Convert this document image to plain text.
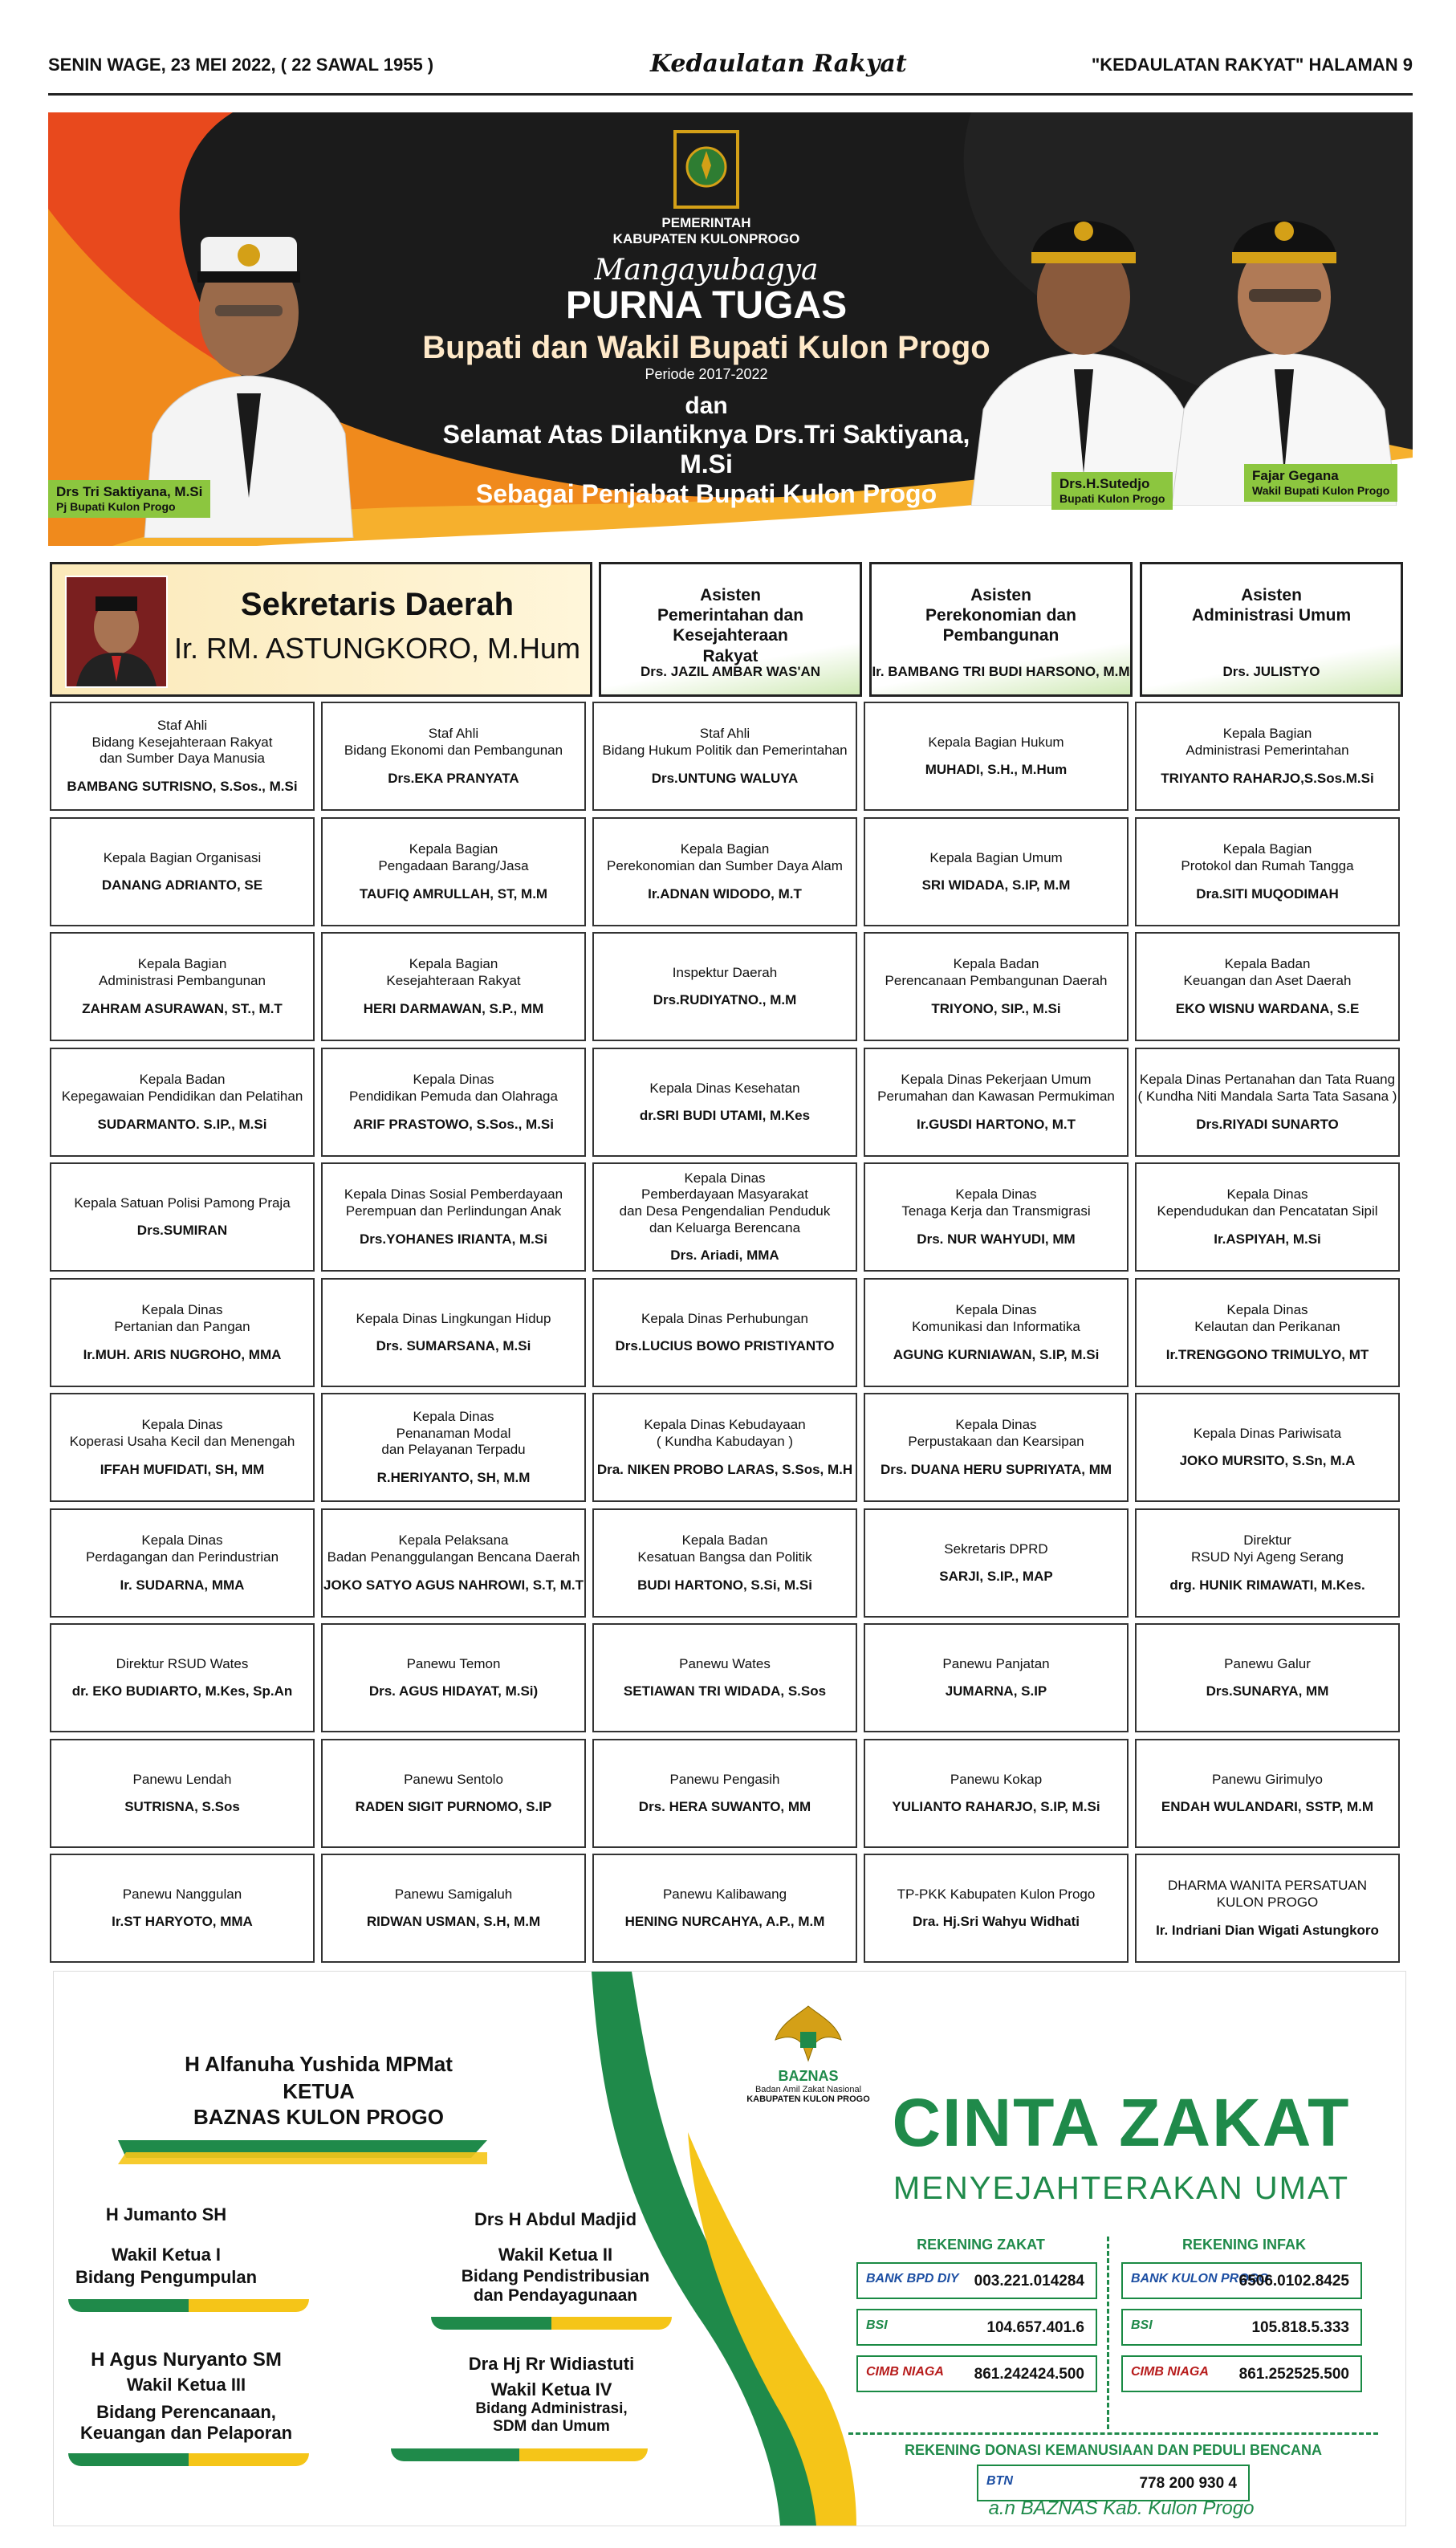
SENIN WAGE, 23 MEI 2022, ( 22 SAWAL 1955 )	Kedaulatan Rakyat	"KEDAULATAN RAKYAT" HALAMAN 9
Drs Tri Saktiyana, M.Si
Pj Bupati Kulon Progo
PEMERINTAH
KABUPATEN KULONPROGO
Mangayubagya
PURNA TUGAS
Bupati dan Wakil Bupati Kulon Progo
Periode 2017-2022
dan
Selamat Atas Dilantiknya Drs.Tri Saktiyana, M.Si
Sebagai Penjabat Bupati Kulon Progo	Drs.H.Sutedjo
Bupati Kulon Progo
Fajar Gegana
Wakil Bupati Kulon Progo
Sekretaris Daerah
Ir. RM. ASTUNGKORO, M.Hum
Asisten
Pemerintahan dan Kesejahteraan
Rakyat
Drs. JAZIL AMBAR WAS'AN
Asisten
Perekonomian dan Pembangunan
Ir. BAMBANG TRI BUDI HARSONO, M.M
Asisten
Administrasi Umum
Drs. JULISTYO
Staf Ahli
Bidang Kesejahteraan Rakyat
dan Sumber Daya Manusia
BAMBANG SUTRISNO, S.Sos., M.Si
Staf Ahli
Bidang Ekonomi dan Pembangunan
Drs.EKA PRANYATA
Staf Ahli
Bidang Hukum Politik dan Pemerintahan
Drs.UNTUNG WALUYA
Kepala Bagian Hukum
MUHADI, S.H., M.Hum
Kepala Bagian
Administrasi Pemerintahan
TRIYANTO RAHARJO,S.Sos.M.Si
Kepala Bagian Organisasi
DANANG ADRIANTO, SE
Kepala Bagian
Pengadaan Barang/Jasa
TAUFIQ AMRULLAH, ST, M.M
Kepala Bagian
Perekonomian dan Sumber Daya Alam
Ir.ADNAN WIDODO, M.T
Kepala Bagian Umum
SRI WIDADA, S.IP, M.M
Kepala Bagian
Protokol dan Rumah Tangga
Dra.SITI MUQODIMAH
Kepala Bagian
Administrasi Pembangunan
ZAHRAM ASURAWAN, ST., M.T
Kepala Bagian
Kesejahteraan Rakyat
HERI DARMAWAN, S.P., MM
Inspektur Daerah
Drs.RUDIYATNO., M.M
Kepala Badan
Perencanaan Pembangunan Daerah
TRIYONO, SIP., M.Si
Kepala Badan
Keuangan dan Aset Daerah
EKO WISNU WARDANA, S.E
Kepala Badan
Kepegawaian Pendidikan dan Pelatihan
SUDARMANTO. S.IP., M.Si
Kepala Dinas
Pendidikan Pemuda dan Olahraga
ARIF PRASTOWO, S.Sos., M.Si
Kepala Dinas Kesehatan
dr.SRI BUDI UTAMI, M.Kes
Kepala Dinas Pekerjaan Umum
Perumahan dan Kawasan Permukiman
Ir.GUSDI HARTONO, M.T
Kepala Dinas Pertanahan dan Tata Ruang
( Kundha Niti Mandala Sarta Tata Sasana )
Drs.RIYADI SUNARTO
Kepala Satuan Polisi Pamong Praja
Drs.SUMIRAN
Kepala Dinas Sosial Pemberdayaan
Perempuan dan Perlindungan Anak
Drs.YOHANES IRIANTA, M.Si
Kepala Dinas
Pemberdayaan Masyarakat
dan Desa Pengendalian Penduduk
dan Keluarga Berencana
Drs. Ariadi, MMA
Kepala Dinas
Tenaga Kerja dan Transmigrasi
Drs. NUR WAHYUDI, MM
Kepala Dinas
Kependudukan dan Pencatatan Sipil
Ir.ASPIYAH, M.Si
Kepala Dinas
Pertanian dan Pangan
Ir.MUH. ARIS NUGROHO, MMA
Kepala Dinas Lingkungan Hidup
Drs. SUMARSANA, M.Si
Kepala Dinas Perhubungan
Drs.LUCIUS BOWO PRISTIYANTO
Kepala Dinas
Komunikasi dan Informatika
AGUNG KURNIAWAN, S.IP, M.Si
Kepala Dinas
Kelautan dan Perikanan
Ir.TRENGGONO TRIMULYO, MT
Kepala Dinas
Koperasi Usaha Kecil dan Menengah
IFFAH MUFIDATI, SH, MM
Kepala Dinas
Penanaman Modal
dan Pelayanan Terpadu
R.HERIYANTO, SH, M.M
Kepala Dinas Kebudayaan
( Kundha Kabudayan )
Dra. NIKEN PROBO LARAS, S.Sos, M.H
Kepala Dinas
Perpustakaan dan Kearsipan
Drs. DUANA HERU SUPRIYATA, MM
Kepala Dinas Pariwisata
JOKO MURSITO, S.Sn, M.A
Kepala Dinas
Perdagangan dan Perindustrian
Ir. SUDARNA, MMA
Kepala Pelaksana
Badan Penanggulangan Bencana Daerah
JOKO SATYO AGUS NAHROWI, S.T, M.T
Kepala Badan
Kesatuan Bangsa dan Politik
BUDI HARTONO, S.Si, M.Si
Sekretaris DPRD
SARJI, S.IP., MAP
Direktur
RSUD Nyi Ageng Serang
drg. HUNIK RIMAWATI, M.Kes.
Direktur RSUD Wates
dr. EKO BUDIARTO, M.Kes, Sp.An
Panewu Temon
Drs. AGUS HIDAYAT, M.Si)
Panewu Wates
SETIAWAN TRI WIDADA, S.Sos
Panewu Panjatan
JUMARNA, S.IP
Panewu Galur
Drs.SUNARYA, MM
Panewu Lendah
SUTRISNA, S.Sos
Panewu Sentolo
RADEN SIGIT PURNOMO, S.IP
Panewu Pengasih
Drs. HERA SUWANTO, MM
Panewu Kokap
YULIANTO RAHARJO, S.IP, M.Si
Panewu Girimulyo
ENDAH WULANDARI, SSTP, M.M
Panewu Nanggulan
Ir.ST HARYOTO, MMA
Panewu Samigaluh
RIDWAN USMAN, S.H, M.M
Panewu Kalibawang
HENING NURCAHYA, A.P., M.M
TP-PKK Kabupaten Kulon Progo
Dra. Hj.Sri Wahyu Widhati
DHARMA WANITA PERSATUAN
KULON PROGO
Ir. Indriani Dian Wigati Astungkoro
H Alfanuha Yushida MPMat
KETUA
BAZNAS KULON PROGO
H Jumanto SH
Wakil Ketua I
Bidang Pengumpulan
Drs H Abdul Madjid
Wakil Ketua II
Bidang Pendistribusian
dan Pendayagunaan
H Agus Nuryanto SM
Wakil Ketua III
Bidang Perencanaan,
Keuangan dan Pelaporan
Dra Hj Rr Widiastuti
Wakil Ketua IV
Bidang Administrasi,
SDM dan Umum
BAZNAS
Badan Amil Zakat Nasional
KABUPATEN KULON PROGO CINTA ZAKAT
MENYEJAHTERAKAN UMAT
REKENING ZAKAT	REKENING INFAK
BANK BPD DIY 003.221.014284
BSI	104.657.401.6
CIMB NIAGA 861.242424.500
BANK KULON PROGO
6506.0102.8425
BSI	105.818.5.333
CIMB NIAGA 861.252525.500
REKENING DONASI KEMANUSIAAN DAN PEDULI BENCANA
BTN	778 200 930 4
a.n BAZNAS Kab. Kulon Progo
